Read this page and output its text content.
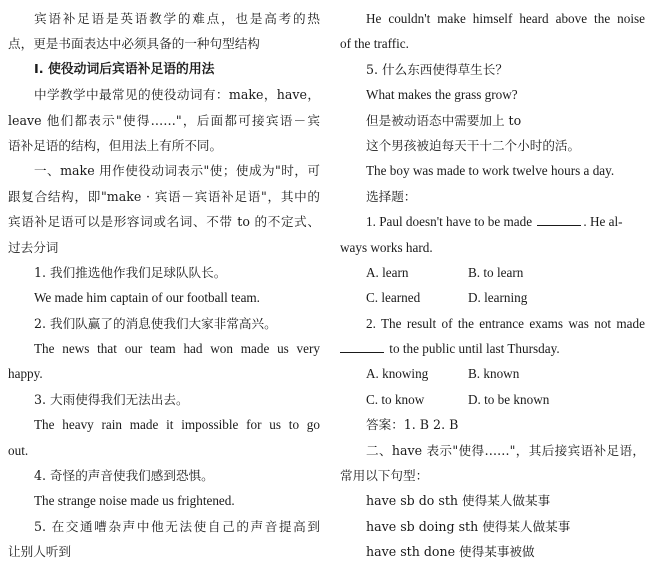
宾语补足语是英语教学的难点，也是高考的热
点，更是书面表达中必须具备的一种句型结构
I. 使役动词后宾语补足语的用法
中学教学中最常见的使役动词有：make，have，
leave 他们都表示"使得……"，后面都可接宾语－宾
语补足语的结构，但用法上有所不同。
一、make 用作使役动词表示"使；使成为"时，可
跟复合结构，即"make · 宾语－宾语补足语"，其中的
宾语补足语可以是形容词或名词、不带 to 的不定式、
过去分词
1. 我们推选他作我们足球队队长。
We made him captain of our football team.
2. 我们队赢了的消息使我们大家非常高兴。
The news that our team had won made us very
happy.
3. 大雨使得我们无法出去。
The heavy rain made it impossible for us to go
out.
4. 奇怪的声音使我们感到恐惧。
The strange noise made us frightened.
5. 在交通嘈杂声中他无法使自己的声音提高到
让别人听到
He couldn't make himself heard above the noise
of the traffic.
5. 什么东西使得草生长？
What makes the grass grow?
但是被动语态中需要加上 to
这个男孩被迫每天干十二个小时的活。
The boy was made to work twelve hours a day.
选择题：
1. Paul doesn't have to be made	. He al-
ways works hard.
A. learn	B. to learn
C. learned	D. learning
2. The result of the entrance exams was not made
to the public until last Thursday.
A. knowing	B. known
C. to know	D. to be known
答案：1. B 2. B
二、have 表示"使得……"，其后接宾语补足语，
常用以下句型：
have sb do sth 使得某人做某事
have sb doing sth 使得某人做某事
have sth done 使得某事被做
